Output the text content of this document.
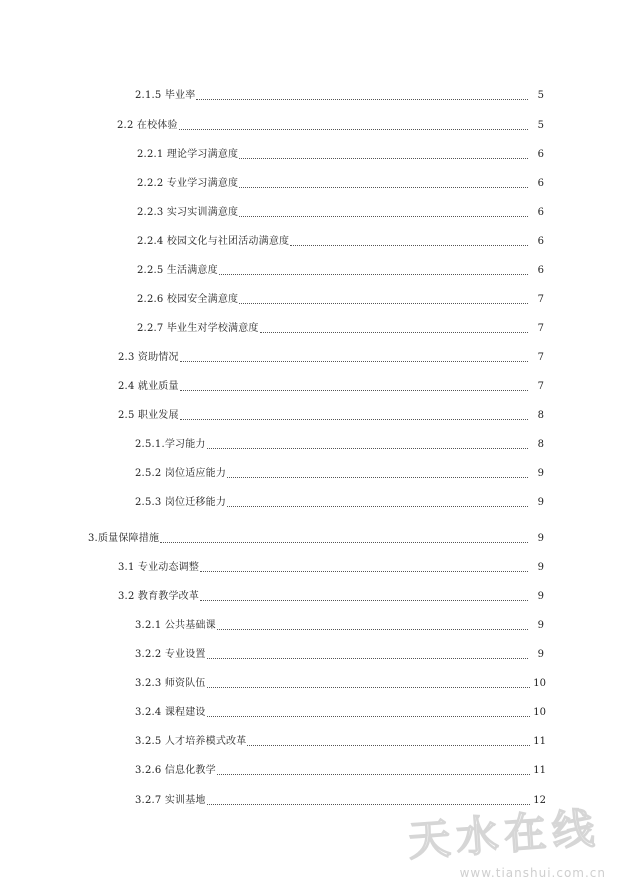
2.1.5 毕业率	5
2.2 在校体验	5
2.2.1 理论学习满意度	6
2.2.2 专业学习满意度	6
2.2.3 实习实训满意度	6
2.2.4 校园文化与社团活动满意度	6
2.2.5 生活满意度	6
2.2.6 校园安全满意度	7
2.2.7 毕业生对学校满意度	7
2.3 资助情况	7
2.4 就业质量	7
2.5 职业发展	8
2.5.1.学习能力	8
2.5.2 岗位适应能力	9
2.5.3 岗位迁移能力	9
3.质量保障措施	9
3.1 专业动态调整	9
3.2 教育教学改革	9
3.2.1 公共基础课	9
3.2.2 专业设置	9
3.2.3 师资队伍	10
3.2.4 课程建设	10
3.2.5 人才培养模式改革	11
3.2.6 信息化教学	11
3.2.7 实训基地	12
天水在线
www.tianshui.com.cn
